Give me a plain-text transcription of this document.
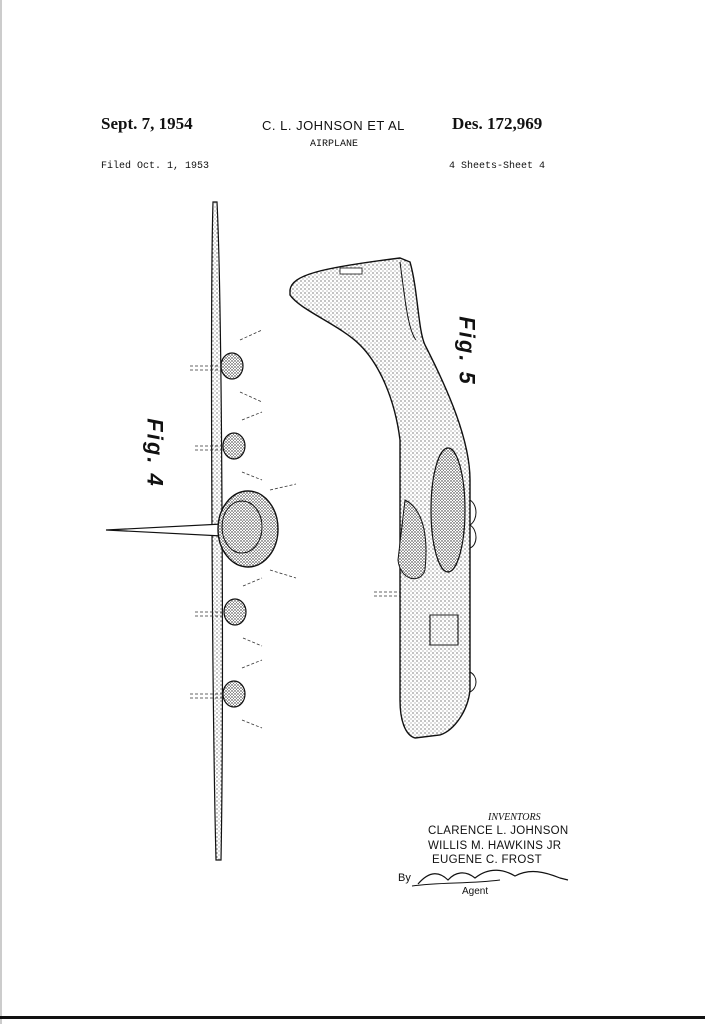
Sept. 7, 1954	C. L. JOHNSON ET AL	Des. 172,969
AIRPLANE
Filed Oct. 1, 1953	4 Sheets-Sheet 4
Fig. 4
Fig. 5
INVENTORS
CLARENCE L. JOHNSON
WILLIS M. HAWKINS JR
EUGENE C. FROST
By
Agent
